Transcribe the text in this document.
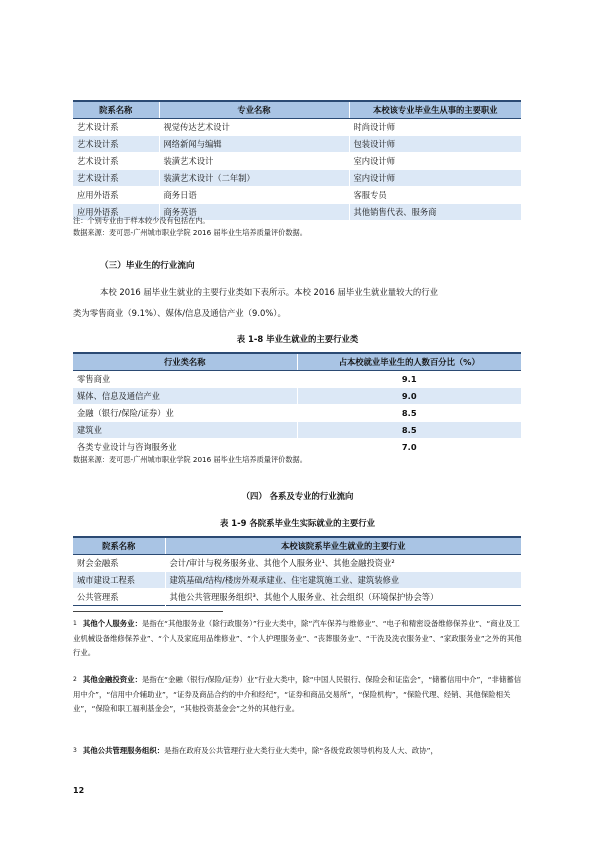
院系名称	专业名称	本校该专业毕业生从事的主要职业
艺术设计系	视觉传达艺术设计	时尚设计师
艺术设计系	网络新闻与编辑	包装设计师
艺术设计系	装潢艺术设计	室内设计师
艺术设计系	装潢艺术设计（二年制）	室内设计师
应用外语系	商务日语	客服专员
应用外语系	商务英语	其他销售代表、服务商
注：个别专业由于样本较少没有包括在内。
数据来源：麦可思-广州城市职业学院 2016 届毕业生培养质量评价数据。
（三）毕业生的行业流向
本校 2016 届毕业生就业的主要行业类如下表所示。本校 2016 届毕业生就业量较大的行业
类为零售商业（9.1%）、媒体/信息及通信产业（9.0%）。
表 1-8 毕业生就业的主要行业类
行业类名称	占本校就业毕业生的人数百分比（%）
零售商业	9.1
媒体、信息及通信产业	9.0
金融（银行/保险/证券）业	8.5
建筑业	8.5
各类专业设计与咨询服务业	7.0
数据来源：麦可思-广州城市职业学院 2016 届毕业生培养质量评价数据。
（四） 各系及专业的行业流向
表 1-9 各院系毕业生实际就业的主要行业
院系名称	本校该院系毕业生就业的主要行业
财会金融系	会计/审计与税务服务业、其他个人服务业¹、其他金融投资业²
城市建设工程系	建筑基础/结构/楼房外观承建业、住宅建筑施工业、建筑装修业
公共管理系	其他公共管理服务组织³、其他个人服务业、社会组织（环境保护协会等）
$^1$ 其他个人服务业：是指在“其他服务业（除行政服务）”行业大类中，除“汽车保养与维修业”、“电子和精密设备维修保养业”、“商业及工业机械设备维修保养业”、“个人及家庭用品维修业”、“个人护理服务业”、“丧葬服务业”、“干洗及洗衣服务业”、“家政服务业”之外的其他行业。
$^2$ 其他金融投资业：是指在“金融（银行/保险/证券）业”行业大类中，除“中国人民银行、保险会和证监会”，“储蓄信用中介”，“非储蓄信用中介”，“信用中介辅助业”，“证券及商品合约的中介和经纪”，“证券和商品交易所”，“保险机构”，“保险代理、经销、其他保险相关业”，“保险和职工福利基金会”，“其他投资基金会”之外的其他行业。
$^3$ 其他公共管理服务组织：是指在政府及公共管理行业大类行业大类中，除“各级党政领导机构及人大、政协”，
12
